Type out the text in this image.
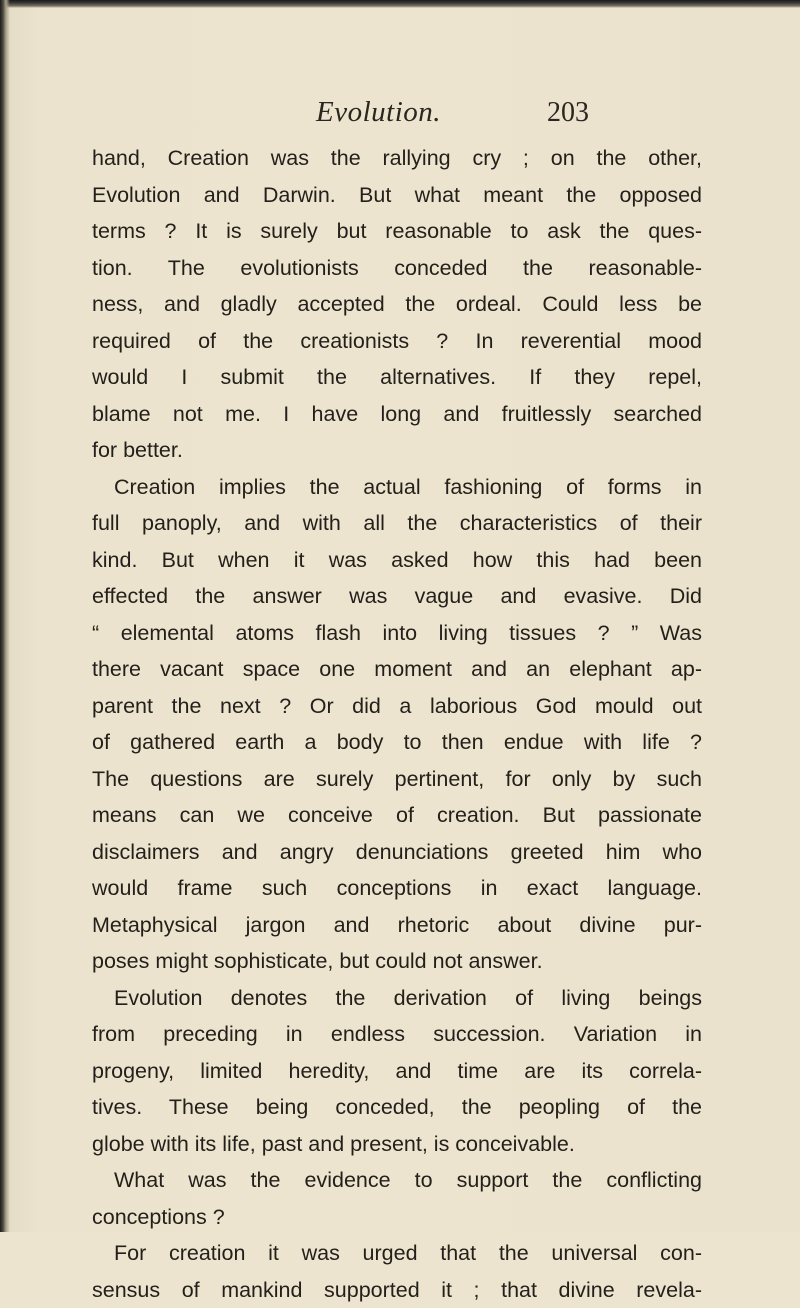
Evolution.	203
hand, Creation was the rallying cry ; on the other,
Evolution and Darwin. But what meant the opposed
terms ? It is surely but reasonable to ask the ques-
tion. The evolutionists conceded the reasonable-
ness, and gladly accepted the ordeal. Could less be
required of the creationists ? In reverential mood
would I submit the alternatives. If they repel,
blame not me. I have long and fruitlessly searched
for better.
Creation implies the actual fashioning of forms in
full panoply, and with all the characteristics of their
kind. But when it was asked how this had been
effected the answer was vague and evasive. Did
“ elemental atoms flash into living tissues ? ” Was
there vacant space one moment and an elephant ap-
parent the next ? Or did a laborious God mould out
of gathered earth a body to then endue with life ?
The questions are surely pertinent, for only by such
means can we conceive of creation. But passionate
disclaimers and angry denunciations greeted him who
would frame such conceptions in exact language.
Metaphysical jargon and rhetoric about divine pur-
poses might sophisticate, but could not answer.
Evolution denotes the derivation of living beings
from preceding in endless succession. Variation in
progeny, limited heredity, and time are its correla-
tives. These being conceded, the peopling of the
globe with its life, past and present, is conceivable.
What was the evidence to support the conflicting
conceptions ?
For creation it was urged that the universal con-
sensus of mankind supported it ; that divine revela-
